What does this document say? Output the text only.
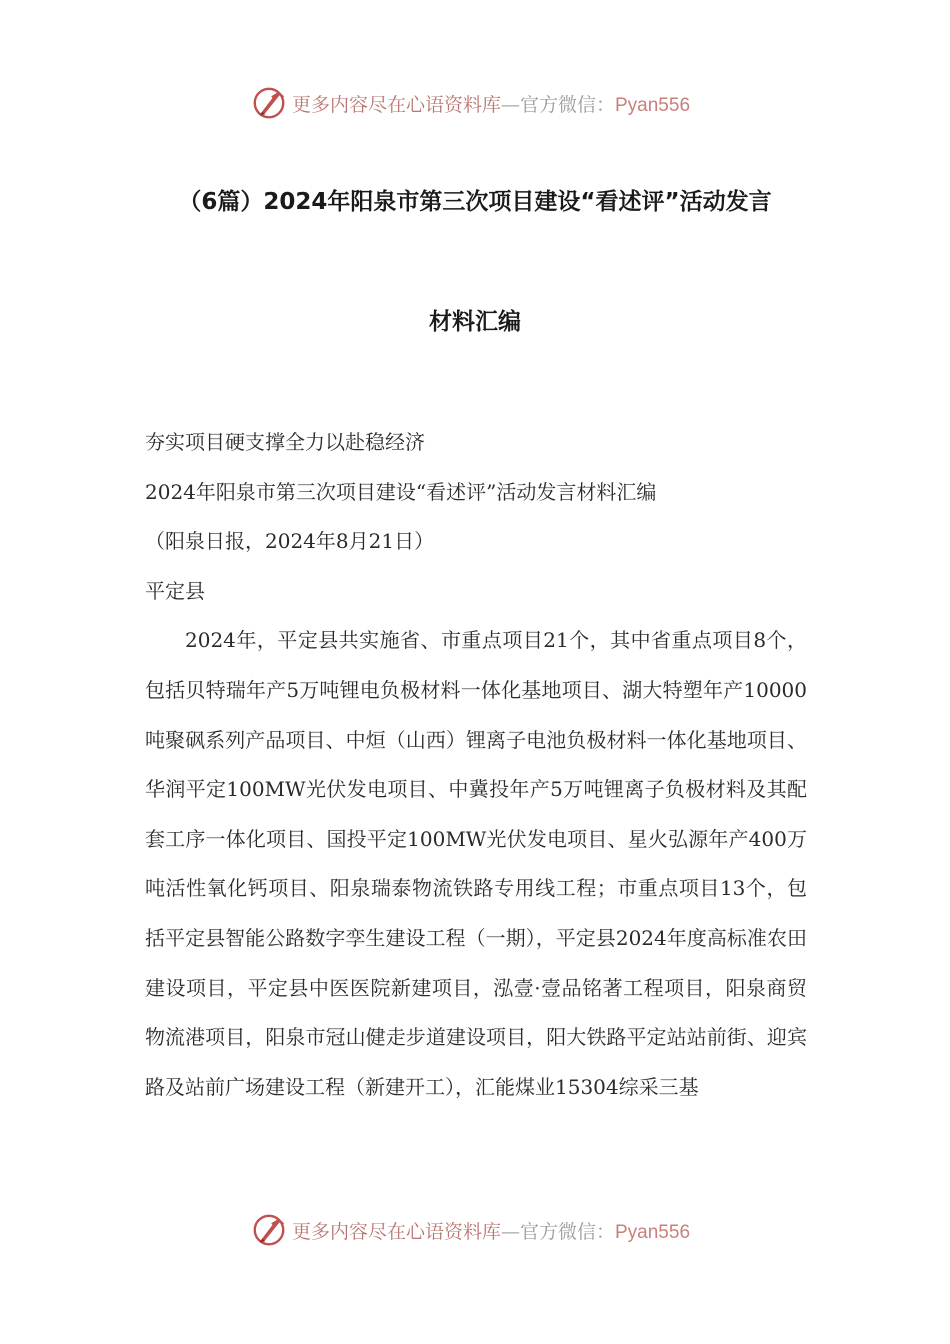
更多内容尽在心语资料库—官方微信：Pyan556
（6篇）2024年阳泉市第三次项目建设“看述评”活动发言
材料汇编

夯实项目硬支撑全力以赴稳经济

2024年阳泉市第三次项目建设“看述评”活动发言材料汇编

（阳泉日报，2024年8月21日）

平定县

2024年，平定县共实施省、市重点项目21个，其中省重点项目8个，包括贝特瑞年产5万吨锂电负极材料一体化基地项目、湖大特塑年产10000吨聚砜系列产品项目、中烜（山西）锂离子电池负极材料一体化基地项目、华润平定100MW光伏发电项目、中冀投年产5万吨锂离子负极材料及其配套工序一体化项目、国投平定100MW光伏发电项目、星火弘源年产400万吨活性氧化钙项目、阳泉瑞泰物流铁路专用线工程；市重点项目13个，包括平定县智能公路数字孪生建设工程（一期），平定县2024年度高标准农田建设项目，平定县中医医院新建项目，泓壹·壹品铭著工程项目，阳泉商贸物流港项目，阳泉市冠山健走步道建设项目，阳大铁路平定站站前街、迎宾路及站前广场建设工程（新建开工），汇能煤业15304综采三基

更多内容尽在心语资料库—官方微信：Pyan556
